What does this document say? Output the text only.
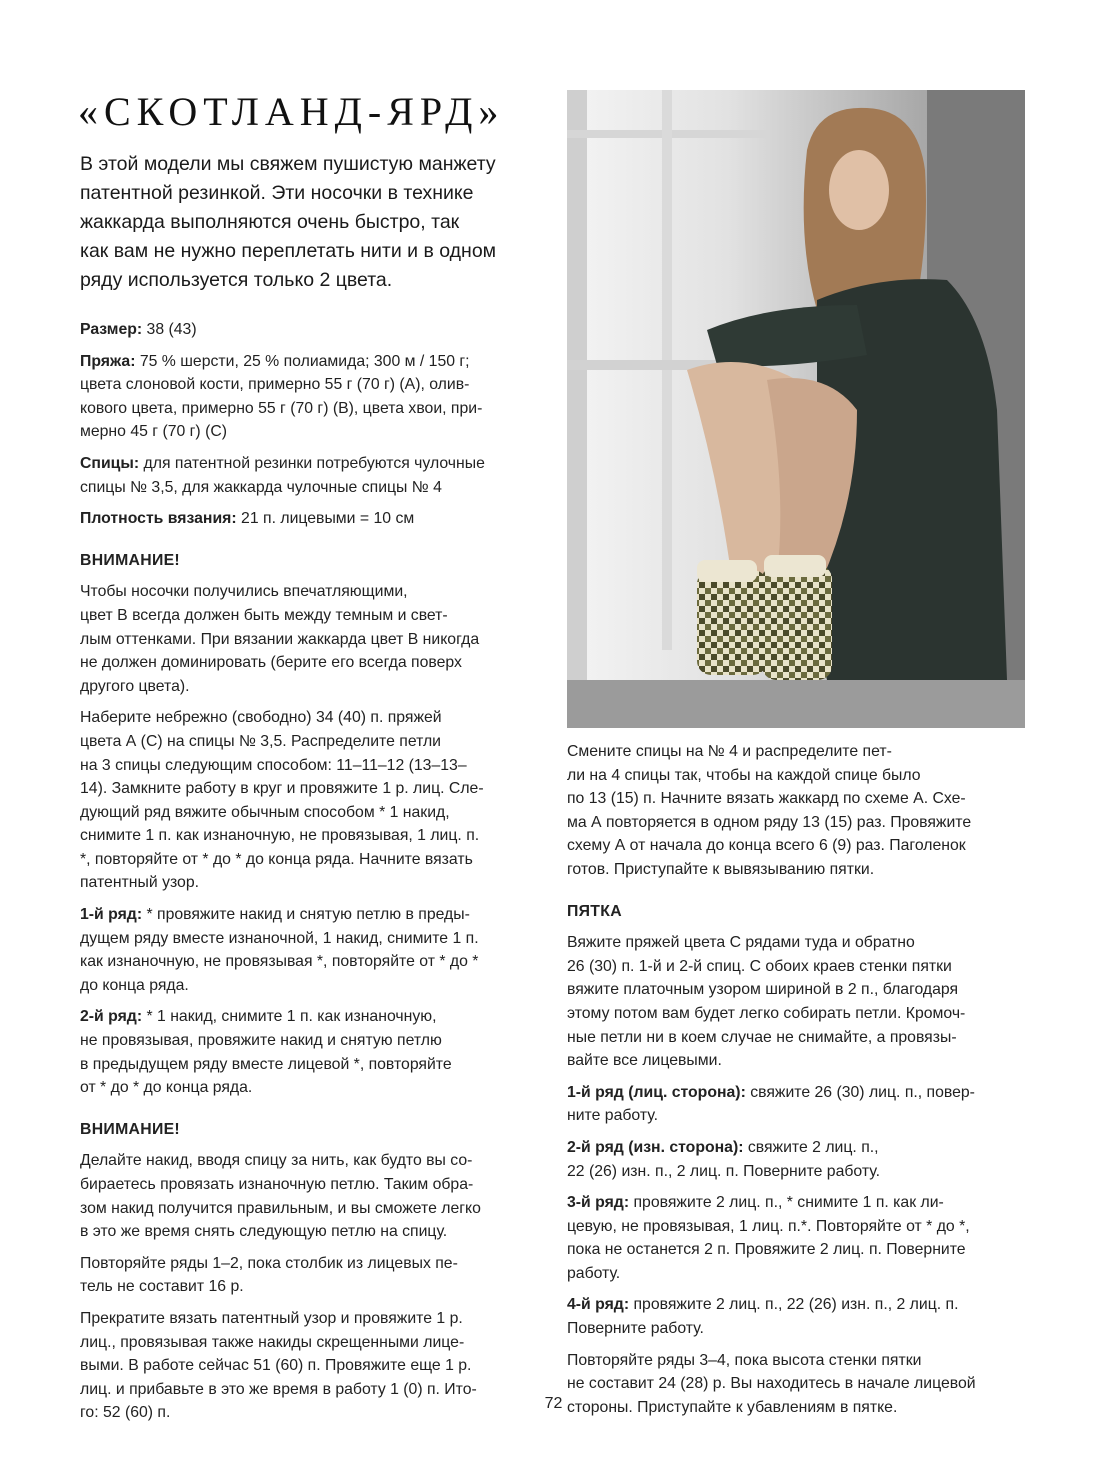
«СКОТЛАНД-ЯРД»

В этой модели мы свяжем пушистую манжету
патентной резинкой. Эти носочки в технике
жаккарда выполняются очень быстро, так
как вам не нужно переплетать нити и в одном
ряду используется только 2 цвета.

Размер: 38 (43)

Пряжа: 75 % шерсти, 25 % полиамида; 300 м / 150 г;
цвета слоновой кости, примерно 55 г (70 г) (А), олив-
кового цвета, примерно 55 г (70 г) (В), цвета хвои, при-
мерно 45 г (70 г) (С)

Спицы: для патентной резинки потребуются чулочные
спицы № 3,5, для жаккарда чулочные спицы № 4

Плотность вязания: 21 п. лицевыми = 10 см

ВНИМАНИЕ!

Чтобы носочки получились впечатляющими,
цвет В всегда должен быть между темным и свет-
лым оттенками. При вязании жаккарда цвет В никогда
не должен доминировать (берите его всегда поверх
другого цвета).

Наберите небрежно (свободно) 34 (40) п. пряжей
цвета А (С) на спицы № 3,5. Распределите петли
на 3 спицы следующим способом: 11–11–12 (13–13–
14). Замкните работу в круг и провяжите 1 р. лиц. Сле-
дующий ряд вяжите обычным способом * 1 накид,
снимите 1 п. как изнаночную, не провязывая, 1 лиц. п.
*, повторяйте от * до * до конца ряда. Начните вязать
патентный узор.

1-й ряд: * провяжите накид и снятую петлю в преды-
дущем ряду вместе изнаночной, 1 накид, снимите 1 п.
как изнаночную, не провязывая *, повторяйте от * до *
до конца ряда.

2-й ряд: * 1 накид, снимите 1 п. как изнаночную,
не провязывая, провяжите накид и снятую петлю
в предыдущем ряду вместе лицевой *, повторяйте
от * до * до конца ряда.

ВНИМАНИЕ!

Делайте накид, вводя спицу за нить, как будто вы со-
бираетесь провязать изнаночную петлю. Таким обра-
зом накид получится правильным, и вы сможете легко
в это же время снять следующую петлю на спицу.

Повторяйте ряды 1–2, пока столбик из лицевых пе-
тель не составит 16 р.

Прекратите вязать патентный узор и провяжите 1 р.
лиц., провязывая также накиды скрещенными лице-
выми. В работе сейчас 51 (60) п. Провяжите еще 1 р.
лиц. и прибавьте в это же время в работу 1 (0) п. Ито-
го: 52 (60) п.

Смените спицы на № 4 и распределите пет-
ли на 4 спицы так, чтобы на каждой спице было
по 13 (15) п. Начните вязать жаккард по схеме А. Схе-
ма А повторяется в одном ряду 13 (15) раз. Провяжите
схему А от начала до конца всего 6 (9) раз. Паголенок
готов. Приступайте к вывязыванию пятки.

ПЯТКА

Вяжите пряжей цвета С рядами туда и обратно
26 (30) п. 1-й и 2-й спиц. С обоих краев стенки пятки
вяжите платочным узором шириной в 2 п., благодаря
этому потом вам будет легко собирать петли. Кромоч-
ные петли ни в коем случае не снимайте, а провязы-
вайте все лицевыми.

1-й ряд (лиц. сторона): свяжите 26 (30) лиц. п., повер-
ните работу.

2-й ряд (изн. сторона): свяжите 2 лиц. п.,
22 (26) изн. п., 2 лиц. п. Поверните работу.

3-й ряд: провяжите 2 лиц. п., * снимите 1 п. как ли-
цевую, не провязывая, 1 лиц. п.*. Повторяйте от * до *,
пока не останется 2 п. Провяжите 2 лиц. п. Поверните
работу.

4-й ряд: провяжите 2 лиц. п., 22 (26) изн. п., 2 лиц. п.
Поверните работу.

Повторяйте ряды 3–4, пока высота стенки пятки
не составит 24 (28) р. Вы находитесь в начале лицевой
стороны. Приступайте к убавлениям в пятке.

72
